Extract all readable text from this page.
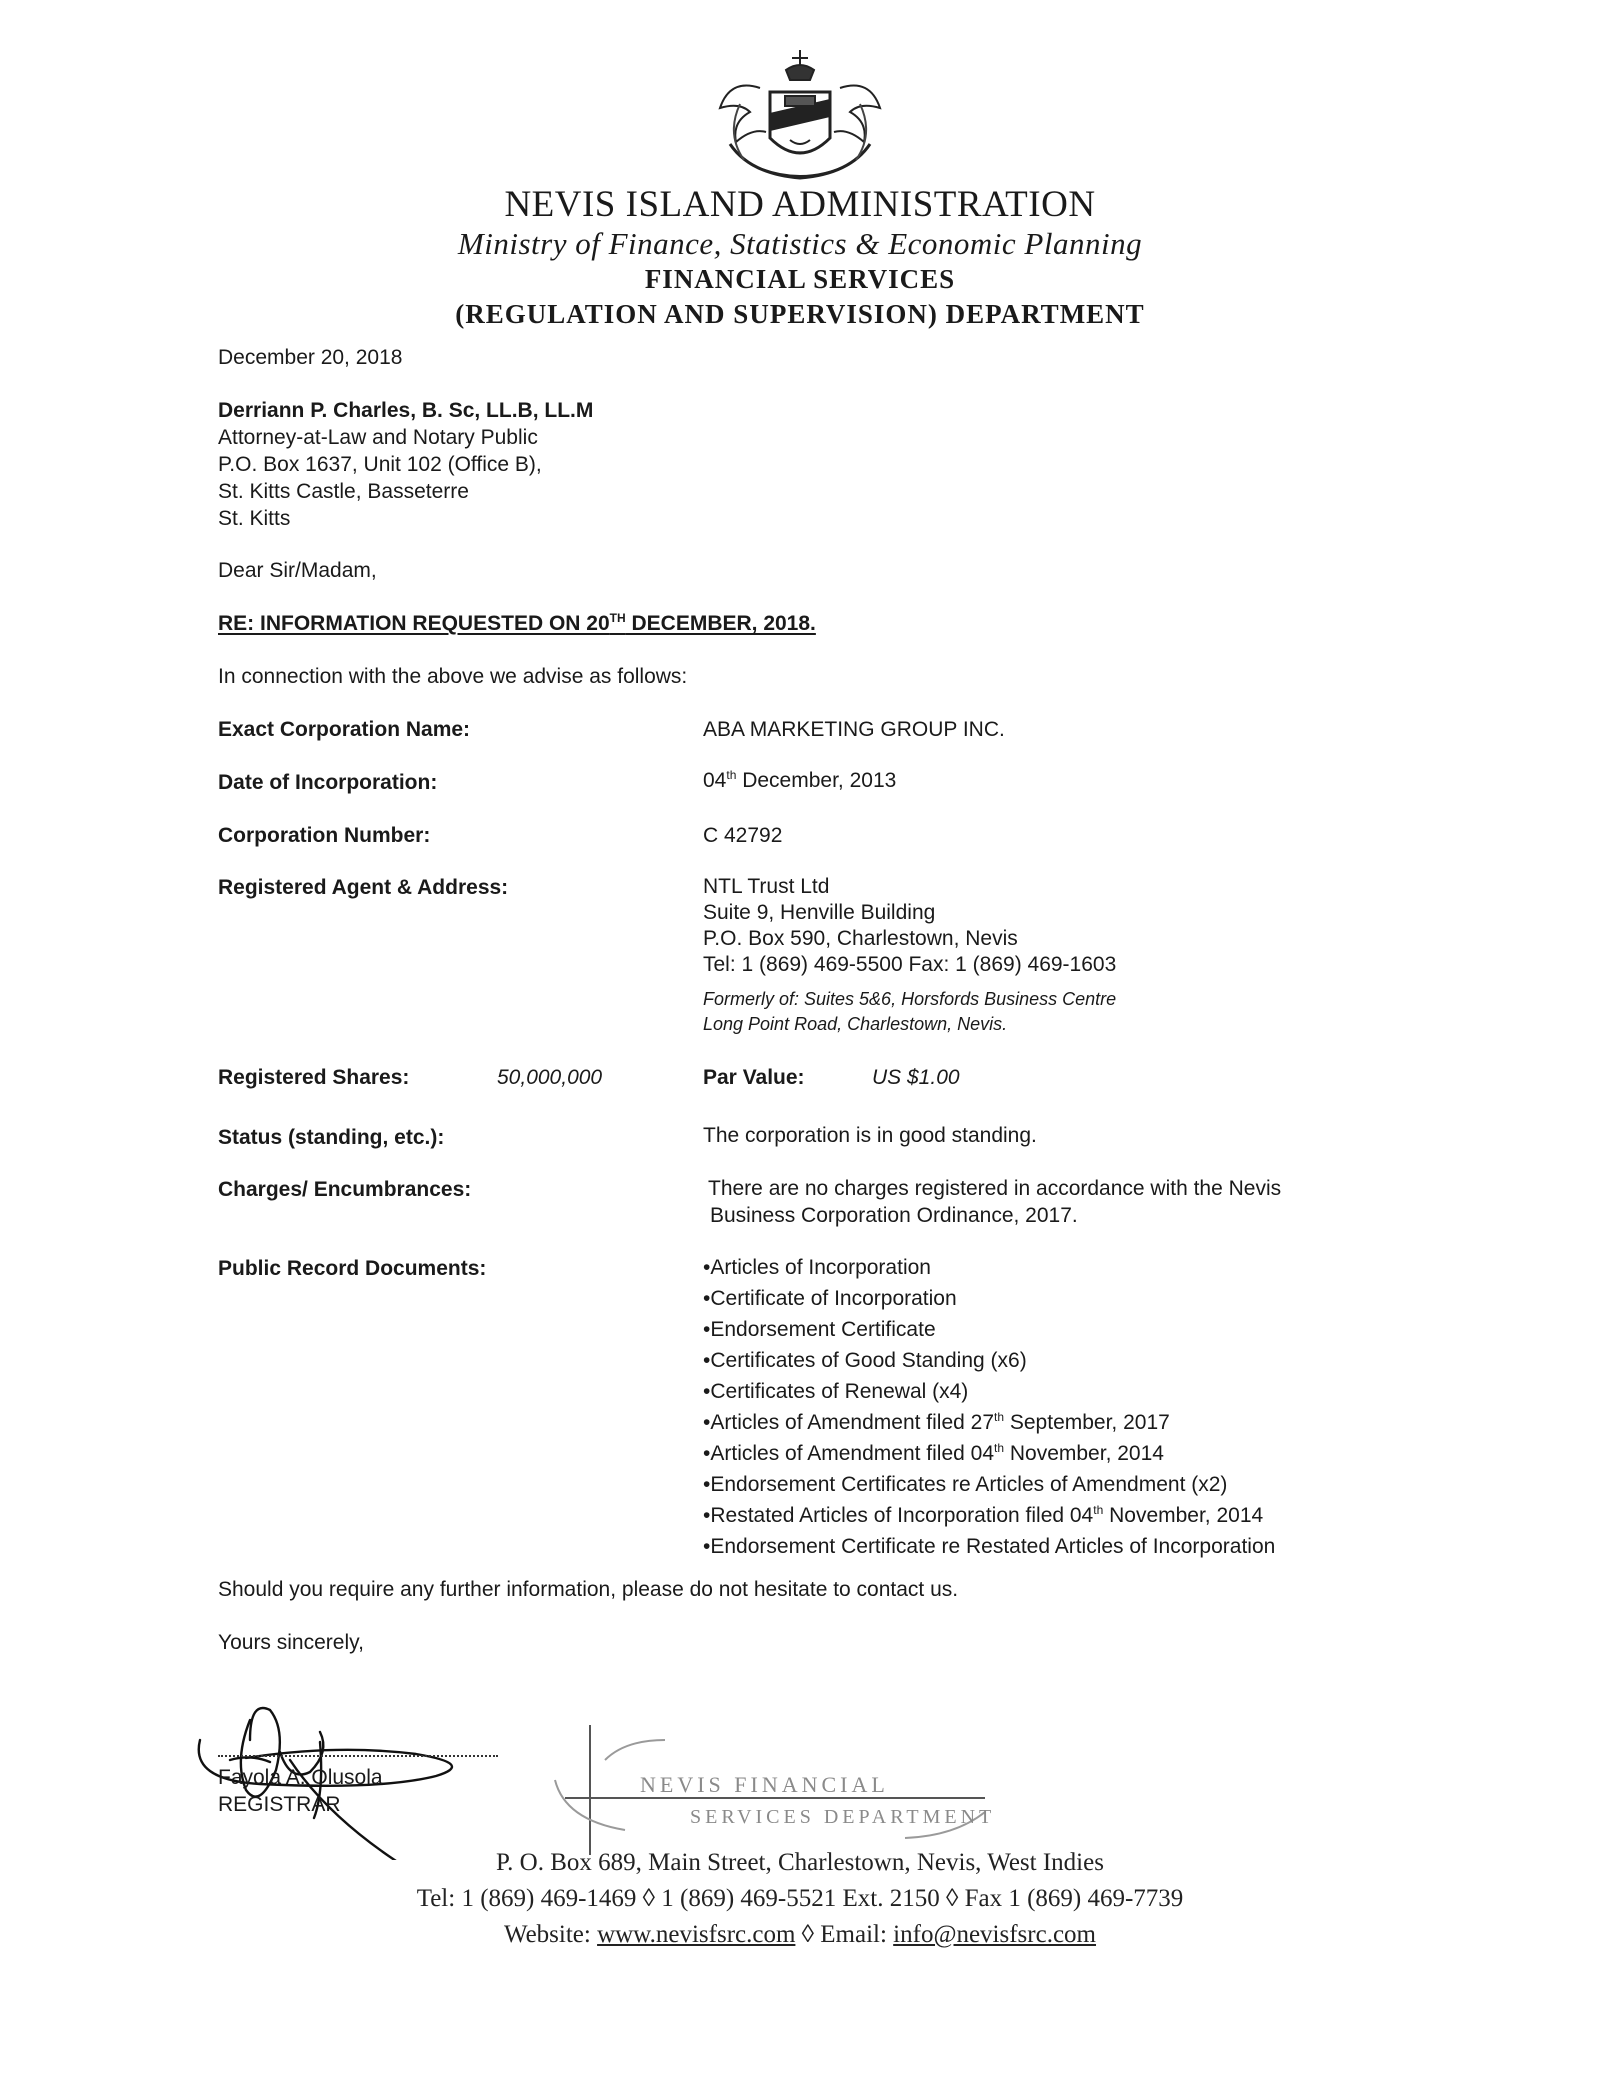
NEVIS ISLAND ADMINISTRATION
Ministry of Finance, Statistics & Economic Planning
FINANCIAL SERVICES
(REGULATION AND SUPERVISION) DEPARTMENT
December 20, 2018
Derriann P. Charles, B. Sc, LL.B, LL.M
Attorney-at-Law and Notary Public
P.O. Box 1637, Unit 102 (Office B),
St. Kitts Castle, Basseterre
St. Kitts
Dear Sir/Madam,
RE: INFORMATION REQUESTED ON 20TH DECEMBER, 2018.
In connection with the above we advise as follows:
Exact Corporation Name:	ABA MARKETING GROUP INC.
Date of Incorporation:	04th December, 2013
Corporation Number:	C 42792
Registered Agent & Address:	NTL Trust Ltd
Suite 9, Henville Building
P.O. Box 590, Charlestown, Nevis
Tel: 1 (869) 469-5500 Fax: 1 (869) 469-1603
Formerly of: Suites 5&6, Horsfords Business Centre
Long Point Road, Charlestown, Nevis.
Registered Shares:	50,000,000	Par Value:	US $1.00
Status (standing, etc.):	The corporation is in good standing.
Charges/ Encumbrances:	There are no charges registered in accordance with the Nevis
Business Corporation Ordinance, 2017.
Public Record Documents:
•	Articles of Incorporation
• Certificate of Incorporation
• Endorsement Certificate
• Certificates of Good Standing (x6)
• Certificates of Renewal (x4)
• Articles of Amendment filed 27th September, 2017
• Articles of Amendment filed 04th November, 2014
• Endorsement Certificates re Articles of Amendment (x2)
• Restated Articles of Incorporation filed 04th November, 2014
• Endorsement Certificate re Restated Articles of Incorporation
Should you require any further information, please do not hesitate to contact us.
Yours sincerely,
Fayola A. Olusola
REGISTRAR
NEVIS FINANCIAL
SERVICES DEPARTMENT
P. O. Box 689, Main Street, Charlestown, Nevis, West Indies
Tel: 1 (869) 469-1469 ◊ 1 (869) 469-5521 Ext. 2150 ◊ Fax 1 (869) 469-7739
Website: www.nevisfsrc.com ◊ Email: info@nevisfsrc.com
